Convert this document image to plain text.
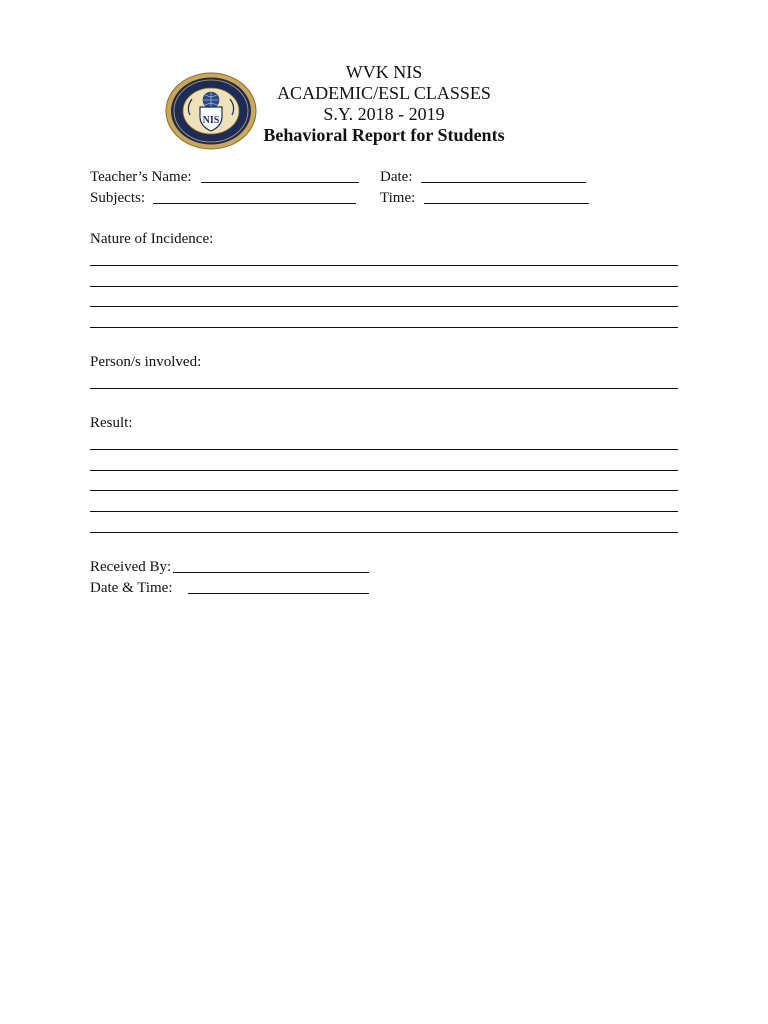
NIS
WVK NIS
ACADEMIC/ESL CLASSES
S.Y. 2018 - 2019
Behavioral Report for Students
Teacher’s Name:	Date:
Subjects:	Time:
Nature of Incidence:
Person/s involved:
Result:
Received By:
Date & Time:
